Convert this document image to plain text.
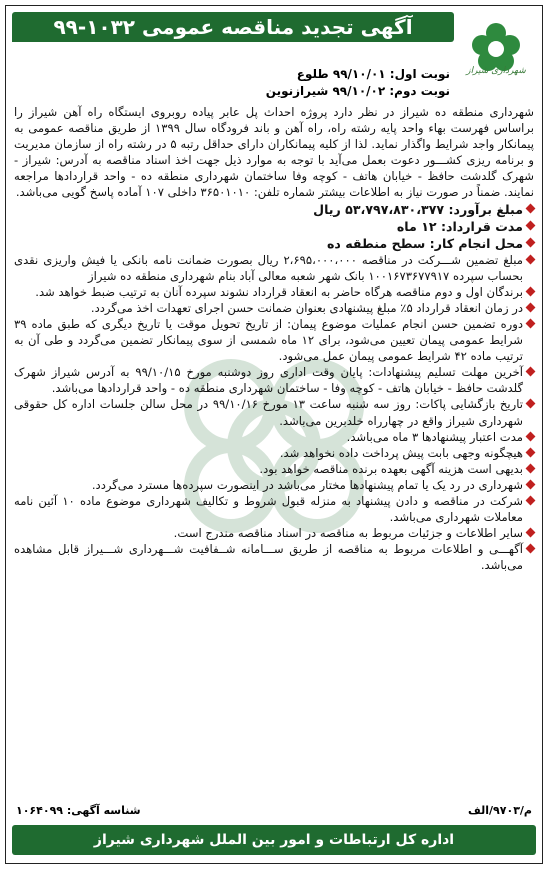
آگهی تجدید مناقصه عمومی ۱۰۳۲-۹۹
شهرداری شیراز
نوبت اول: ۹۹/۱۰/۰۱ طلوع
نوبت دوم: ۹۹/۱۰/۰۲ شیرازنوین
شهرداری منطقه ده شیراز در نظر دارد پروژه احداث پل عابر پیاده روبروی ایستگاه راه آهن شیراز را براساس فهرست بهاء واحد پایه رشته راه، راه آهن و باند فرودگاه سال ۱۳۹۹ از طریق مناقصه عمومی به پیمانکار واجد شرایط واگذار نماید. لذا از کلیه پیمانکاران دارای حداقل رتبه ۵ در رشته راه از سازمان مدیریت و برنامه ریزی کشـــور دعوت بعمل می‌آید با توجه به موارد ذیل جهت اخذ اسناد مناقصه به آدرس: شیراز - شهرک گلدشت حافظ - خیابان هاتف - کوچه وفا ساختمان شهرداری منطقه ده - واحد قراردادها مراجعه نمایند. ضمناً در صورت نیاز به اطلاعات بیشتر شماره تلفن: ۳۶۵۰۱۰۱۰ داخلی ۱۰۷ آماده پاسخ گویی می‌باشد.
مبلغ برآورد: ۵۳،۷۹۷،۸۳۰،۳۷۷ ریال
مدت قرارداد: ۱۲ ماه
محل انجام کار: سطح منطقه ده
مبلغ تضمین شـــرکت در مناقصه ۲،۶۹۵،۰۰۰،۰۰۰ ریال بصورت ضمانت نامه بانکی یا فیش واریزی نقدی بحساب سپرده ۱۰۰۱۶۷۳۶۷۷۹۱۷ بانک شهر شعبه معالی آباد بنام شهرداری منطقه ده شیراز
برندگان اول و دوم مناقصه هرگاه حاضر به انعقاد قرارداد نشوند سپرده آنان به ترتیب ضبط خواهد شد.
در زمان انعقاد قرارداد ۵٪ مبلغ پیشنهادی بعنوان ضمانت حسن اجرای تعهدات اخذ می‌گردد.
دوره تضمین حسن انجام عملیات موضوع پیمان: از تاریخ تحویل موقت یا تاریخ دیگری که طبق ماده ۳۹ شرایط عمومی پیمان تعیین می‌شود، برای ۱۲ ماه شمسی از سوی پیمانکار تضمین می‌گردد و طی آن به ترتیب ماده ۴۲ شرایط عمومی پیمان عمل می‌شود.
آخرین مهلت تسلیم پیشنهادات: پایان وقت اداری روز دوشنبه مورخ ۹۹/۱۰/۱۵ به آدرس شیراز شهرک گلدشت حافظ - خیابان هاتف - کوچه وفا - ساختمان شهرداری منطقه ده - واحد قراردادها می‌باشد.
تاریخ بازگشایی پاکات: روز سه شنبه ساعت ۱۳ مورخ ۹۹/۱۰/۱۶ در محل سالن جلسات اداره کل حقوقی شهرداری شیراز واقع در چهارراه خلدبرین می‌باشد.
مدت اعتبار پیشنهادها ۳ ماه می‌باشد.
هیچگونه وجهی بابت پیش پرداخت داده نخواهد شد.
بدیهی است هزینه آگهی بعهده برنده مناقصه خواهد بود.
شهرداری در رد یک یا تمام پیشنهادها مختار می‌باشد در اینصورت سپرده‌ها مسترد می‌گردد.
شرکت در مناقصه و دادن پیشنهاد به منزله قبول شروط و تکالیف شهرداری موضوع ماده ۱۰ آئین نامه معاملات شهرداری می‌باشد.
سایر اطلاعات و جزئیات مربوط به مناقصه در اسناد مناقصه مندرج است.
آگهـــی و اطلاعات مربوط به مناقصه از طریق ســـامانه شــفافیت شـــهرداری شـــیراز قابل مشاهده می‌باشد.
م/۹۷۰۳/الف
شناسه آگهی: ۱۰۶۴۰۹۹
اداره کل ارتباطات و امور بین الملل شهرداری شیراز
